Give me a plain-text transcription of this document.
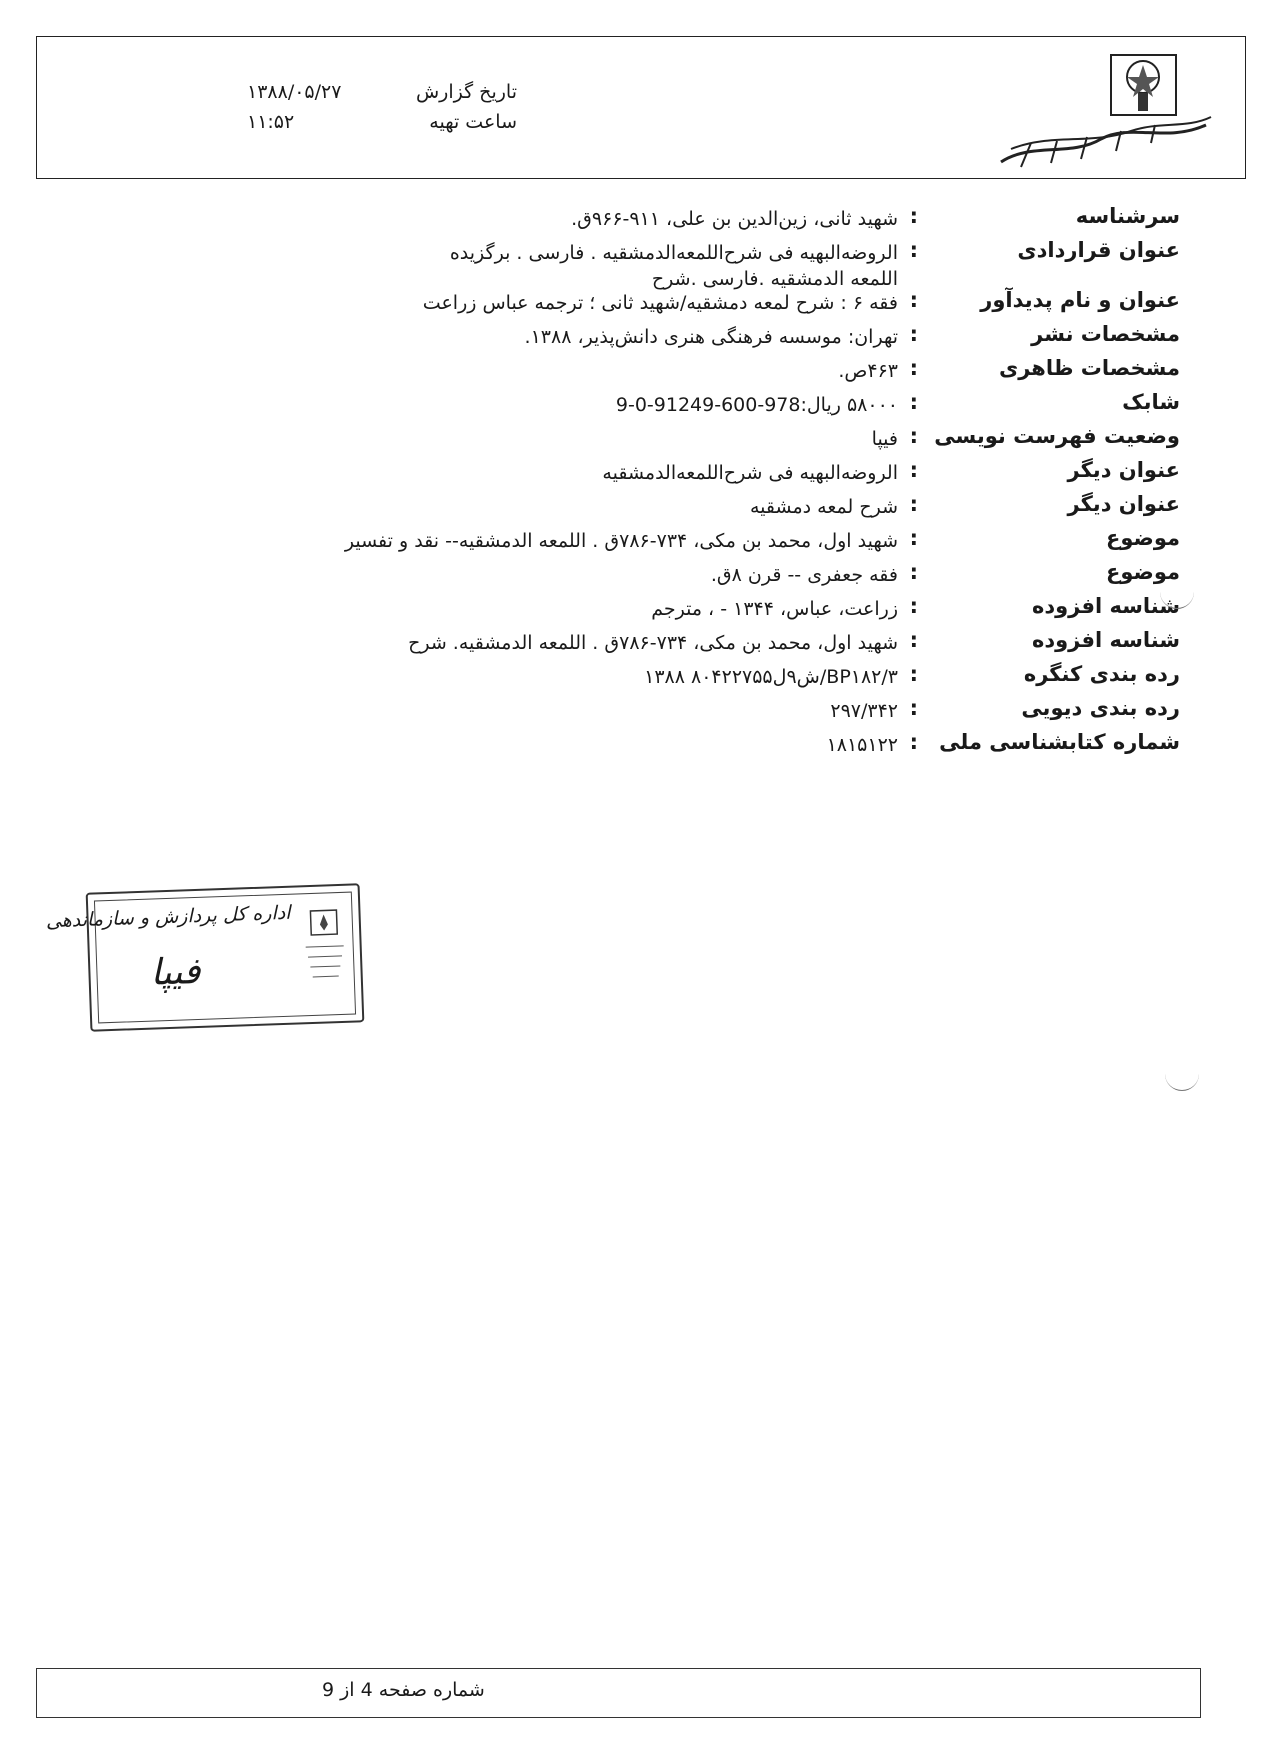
تاریخ گزارش
۱۳۸۸/۰۵/۲۷
ساعت تهیه
۱۱:۵۲
سرشناسه
:
شهید ثانی، زین‌الدین بن علی، ۹۱۱-۹۶۶ق.
عنوان قراردادی
:
الروضه‌البهیه فی شرح‌اللمعه‌الدمشقیه . فارسی . برگزیده
اللمعه الدمشقیه .فارسی .شرح
عنوان و نام پدیدآور
:
فقه ۶ : شرح لمعه دمشقیه/شهید ثانی ؛ ترجمه عباس زراعت
مشخصات نشر
:
تهران: موسسه فرهنگی هنری دانش‌پذیر، ۱۳۸۸.
مشخصات ظاهری
:
۴۶۳ص.
شابک
:
۵۸۰۰۰ ریال:978-600-91249-0-9
وضعیت فهرست نویسی
:
فیپا
عنوان دیگر
:
الروضه‌البهیه فی شرح‌اللمعه‌الدمشقیه
عنوان دیگر
:
شرح لمعه دمشقیه
موضوع
:
شهید اول، محمد بن مکی، ۷۳۴-۷۸۶ق . اللمعه الدمشقیه-- نقد و تفسیر
موضوع
:
فقه جعفری -- قرن ۸ق.
شناسه افزوده
:
زراعت، عباس، ۱۳۴۴ - ، مترجم
شناسه افزوده
:
شهید اول، محمد بن مکی، ۷۳۴-۷۸۶ق . اللمعه الدمشقیه. شرح
رده بندی کنگره
:
BP۱۸۲/۳/ش۹ل۸۰۴۲۲۷۵۵ ۱۳۸۸
رده بندی دیویی
:
۲۹۷/۳۴۲
شماره کتابشناسی ملی
:
۱۸۱۵۱۲۲
اداره کل پردازش و سازماندهی
فیپا
شماره صفحه 4 از 9
